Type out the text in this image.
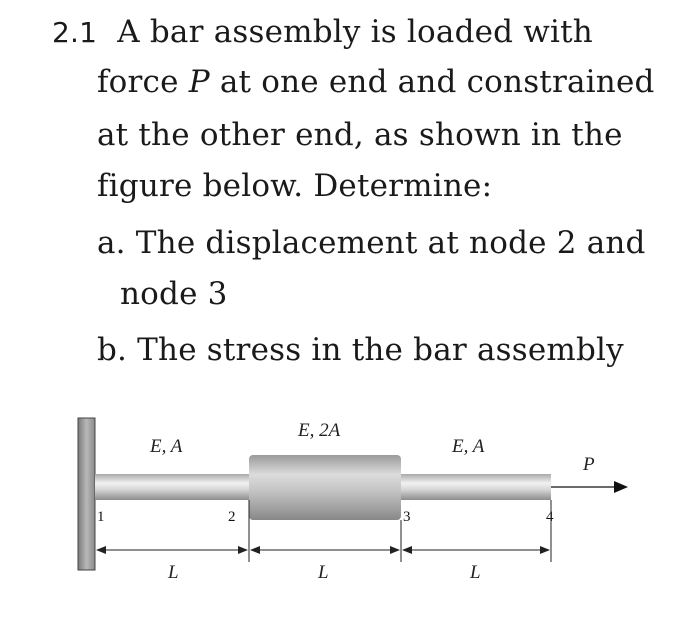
2.1 A bar assembly is loaded with
force P at one end and constrained
at the other end, as shown in the
figure below. Determine:
a. The displacement at node 2 and
node 3
b. The stress in the bar assembly
E, A
E, 2A
E, A
P
1	2	3	4
L	L	L
